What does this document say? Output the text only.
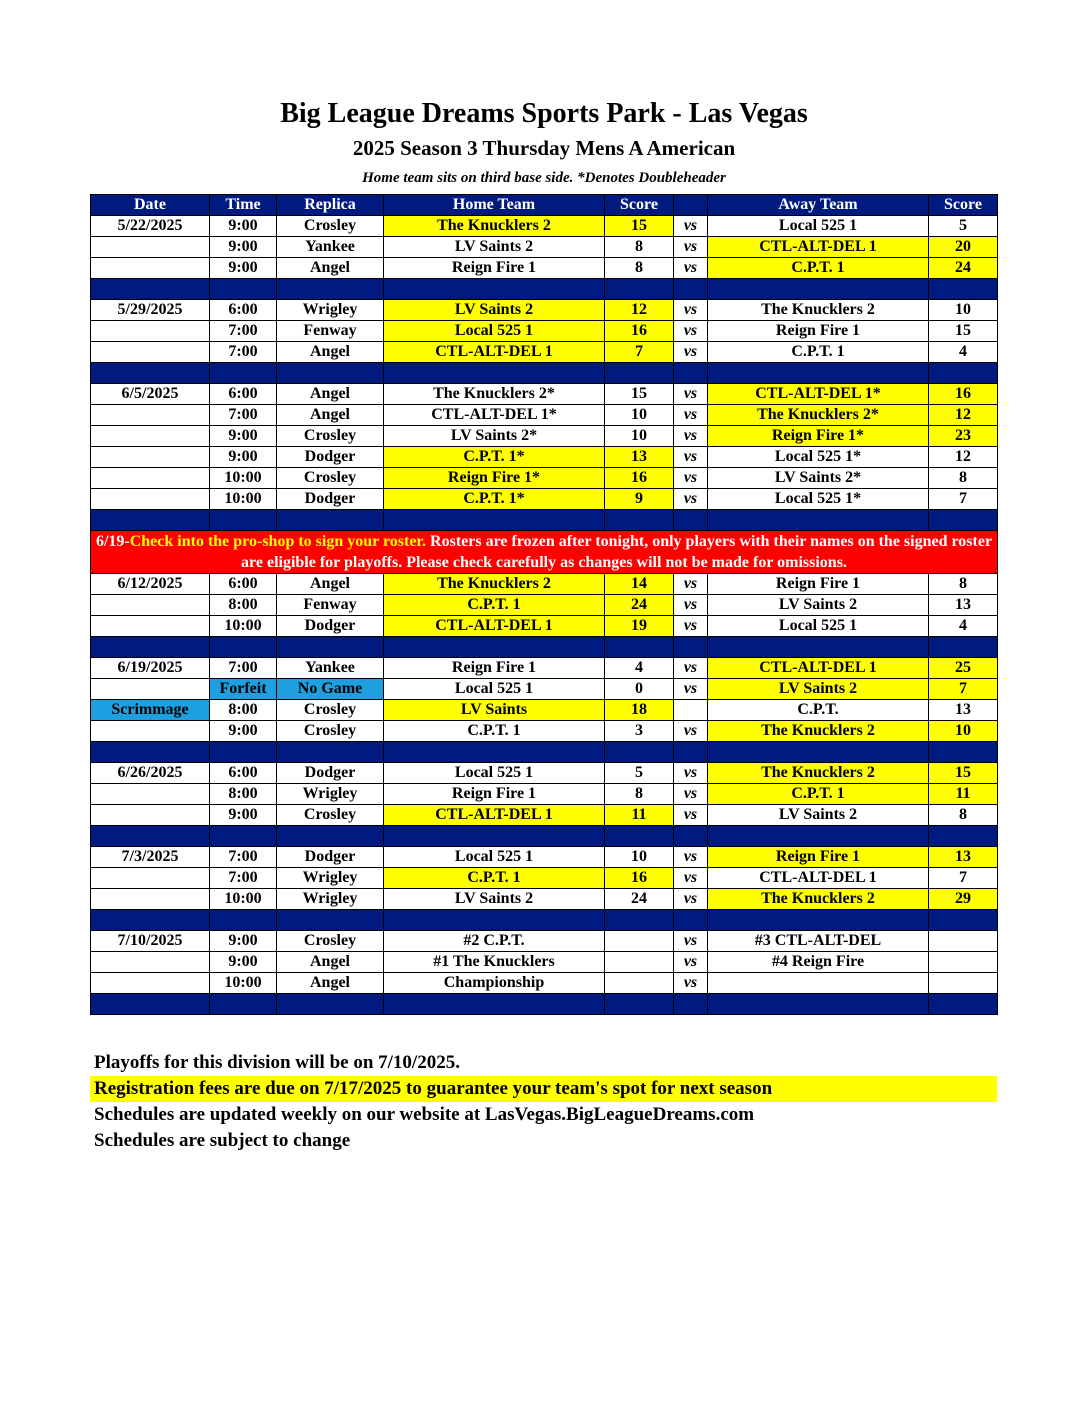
Big League Dreams Sports Park - Las Vegas
2025 Season 3 Thursday Mens A American
Home team sits on third base side. *Denotes Doubleheader
Date	Time	Replica	Home Team	Score		Away Team	Score
5/22/2025	9:00	Crosley	The Knucklers 2	15	vs	Local 525 1	5
	9:00	Yankee	LV Saints 2	8	vs	CTL-ALT-DEL 1	20
	9:00	Angel	Reign Fire 1	8	vs	C.P.T. 1	24

5/29/2025	6:00	Wrigley	LV Saints 2	12	vs	The Knucklers 2	10
	7:00	Fenway	Local 525 1	16	vs	Reign Fire 1	15
	7:00	Angel	CTL-ALT-DEL 1	7	vs	C.P.T. 1	4

6/5/2025	6:00	Angel	The Knucklers 2*	15	vs	CTL-ALT-DEL 1*	16
	7:00	Angel	CTL-ALT-DEL 1*	10	vs	The Knucklers 2*	12
	9:00	Crosley	LV Saints 2*	10	vs	Reign Fire 1*	23
	9:00	Dodger	C.P.T. 1*	13	vs	Local 525 1*	12
	10:00	Crosley	Reign Fire 1*	16	vs	LV Saints 2*	8
	10:00	Dodger	C.P.T. 1*	9	vs	Local 525 1*	7

6/19-Check into the pro-shop to sign your roster. Rosters are frozen after tonight, only players with their names on the signed roster are eligible for playoffs. Please check carefully as changes will not be made for omissions.							
6/12/2025	6:00	Angel	The Knucklers 2	14	vs	Reign Fire 1	8
	8:00	Fenway	C.P.T. 1	24	vs	LV Saints 2	13
	10:00	Dodger	CTL-ALT-DEL 1	19	vs	Local 525 1	4

6/19/2025	7:00	Yankee	Reign Fire 1	4	vs	CTL-ALT-DEL 1	25
	Forfeit	No Game	Local 525 1	0	vs	LV Saints 2	7
Scrimmage	8:00	Crosley	LV Saints	18		C.P.T.	13
	9:00	Crosley	C.P.T. 1	3	vs	The Knucklers 2	10

6/26/2025	6:00	Dodger	Local 525 1	5	vs	The Knucklers 2	15
	8:00	Wrigley	Reign Fire 1	8	vs	C.P.T. 1	11
	9:00	Crosley	CTL-ALT-DEL 1	11	vs	LV Saints 2	8

7/3/2025	7:00	Dodger	Local 525 1	10	vs	Reign Fire 1	13
	7:00	Wrigley	C.P.T. 1	16	vs	CTL-ALT-DEL 1	7
	10:00	Wrigley	LV Saints 2	24	vs	The Knucklers 2	29

7/10/2025	9:00	Crosley	#2 C.P.T.		vs	#3 CTL-ALT-DEL	
	9:00	Angel	#1 The Knucklers		vs	#4 Reign Fire	
	10:00	Angel	Championship		vs		

Playoffs for this division will be on 7/10/2025.
Registration fees are due on 7/17/2025 to guarantee your team's spot for next season
Schedules are updated weekly on our website at LasVegas.BigLeagueDreams.com
Schedules are subject to change
